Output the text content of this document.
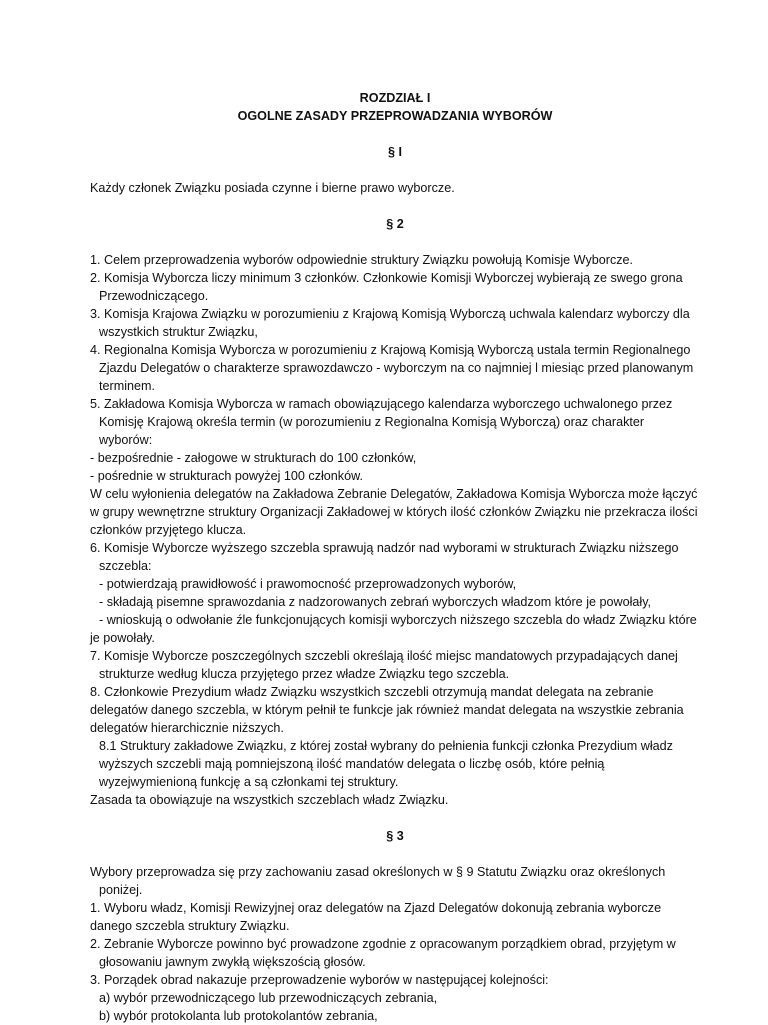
ROZDZIAŁ I
OGOLNE ZASADY PRZEPROWADZANIA WYBORÓW
§ I

Każdy członek Związku posiada czynne i bierne prawo wyborcze.

§ 2

1. Celem przeprowadzenia wyborów odpowiednie struktury Związku powołują Komisje Wyborcze.

2. Komisja Wyborcza liczy minimum 3 członków. Członkowie Komisji Wyborczej wybierają ze swego grona Przewodniczącego.

3. Komisja Krajowa Związku w porozumieniu z Krajową Komisją Wyborczą uchwala kalendarz wyborczy dla wszystkich struktur Związku,

4. Regionalna Komisja Wyborcza w porozumieniu z Krajową Komisją Wyborczą ustala termin Regionalnego Zjazdu Delegatów o charakterze sprawozdawczo - wyborczym na co najmniej l miesiąc przed planowanym terminem.

5. Zakładowa Komisja Wyborcza w ramach obowiązującego kalendarza wyborczego uchwalonego przez Komisję Krajową określa termin (w porozumieniu z Regionalna Komisją Wyborczą) oraz charakter wyborów:

- bezpośrednie - załogowe w strukturach do 100 członków,

- pośrednie w strukturach powyżej 100 członków.

W celu wyłonienia delegatów na Zakładowa Zebranie Delegatów, Zakładowa Komisja Wyborcza może łączyć w grupy wewnętrzne struktury Organizacji Zakładowej w których ilość członków Związku nie przekracza ilości członków przyjętego klucza.

6. Komisje Wyborcze wyższego szczebla sprawują nadzór nad wyborami w strukturach Związku niższego szczebla:

- potwierdzają prawidłowość i prawomocność przeprowadzonych wyborów,

- składają pisemne sprawozdania z nadzorowanych zebrań wyborczych władzom które je powołały,

- wnioskują o odwołanie źle funkcjonujących komisji wyborczych niższego szczebla do władz Związku które je powołały.

7. Komisje Wyborcze poszczególnych szczebli określają ilość miejsc mandatowych przypadających danej strukturze według klucza przyjętego przez władze Związku tego szczebla.

8. Członkowie Prezydium władz Związku wszystkich szczebli otrzymują mandat delegata na zebranie delegatów danego szczebla, w którym pełnił te funkcje jak również mandat delegata na wszystkie zebrania delegatów hierarchicznie niższych.

8.1 Struktury zakładowe Związku, z której został wybrany do pełnienia funkcji członka Prezydium władz wyższych szczebli mają pomniejszoną ilość mandatów delegata o liczbę osób, które pełnią wyzejwymienioną funkcję a są członkami tej struktury.

Zasada ta obowiązuje na wszystkich szczeblach władz Związku.

§ 3

Wybory przeprowadza się przy zachowaniu zasad określonych w § 9 Statutu Związku oraz określonych poniżej.

1. Wyboru władz, Komisji Rewizyjnej oraz delegatów na Zjazd Delegatów dokonują zebrania wyborcze danego szczebla struktury Związku.

2. Zebranie Wyborcze powinno być prowadzone zgodnie z opracowanym porządkiem obrad, przyjętym w głosowaniu jawnym zwykłą większością głosów.

3. Porządek obrad nakazuje przeprowadzenie wyborów w następującej kolejności:

a) wybór przewodniczącego lub przewodniczących zebrania,

b) wybór protokolanta lub protokolantów zebrania,
